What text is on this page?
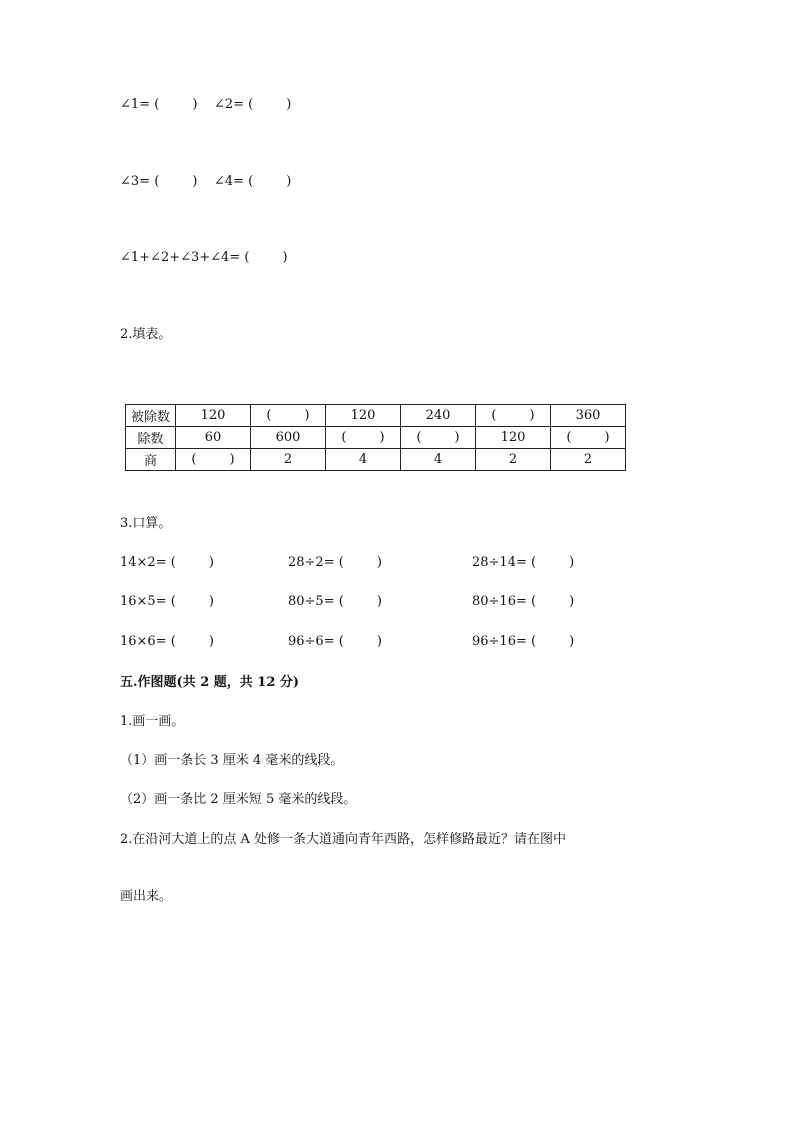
∠1= (        )    ∠2= (        )
∠3= (        )    ∠4= (        )
∠1+∠2+∠3+∠4= (        )
2.填表。
被除数	120	(        )	120	240	(        )	360
除数	60	600	(        )	(        )	120	(        )
商	(        )	2	4	4	2	2
3.口算。
14×2= (        )	28÷2= (        )	28÷14= (        )
16×5= (        )	80÷5= (        )	80÷16= (        )
16×6= (        )	96÷6= (        )	96÷16= (        )
五.作图题(共 2 题，共 12 分)
1.画一画。
（1）画一条长 3 厘米 4 毫米的线段。
（2）画一条比 2 厘米短 5 毫米的线段。
2.在沿河大道上的点 A 处修一条大道通向青年西路，怎样修路最近？请在图中
画出来。
